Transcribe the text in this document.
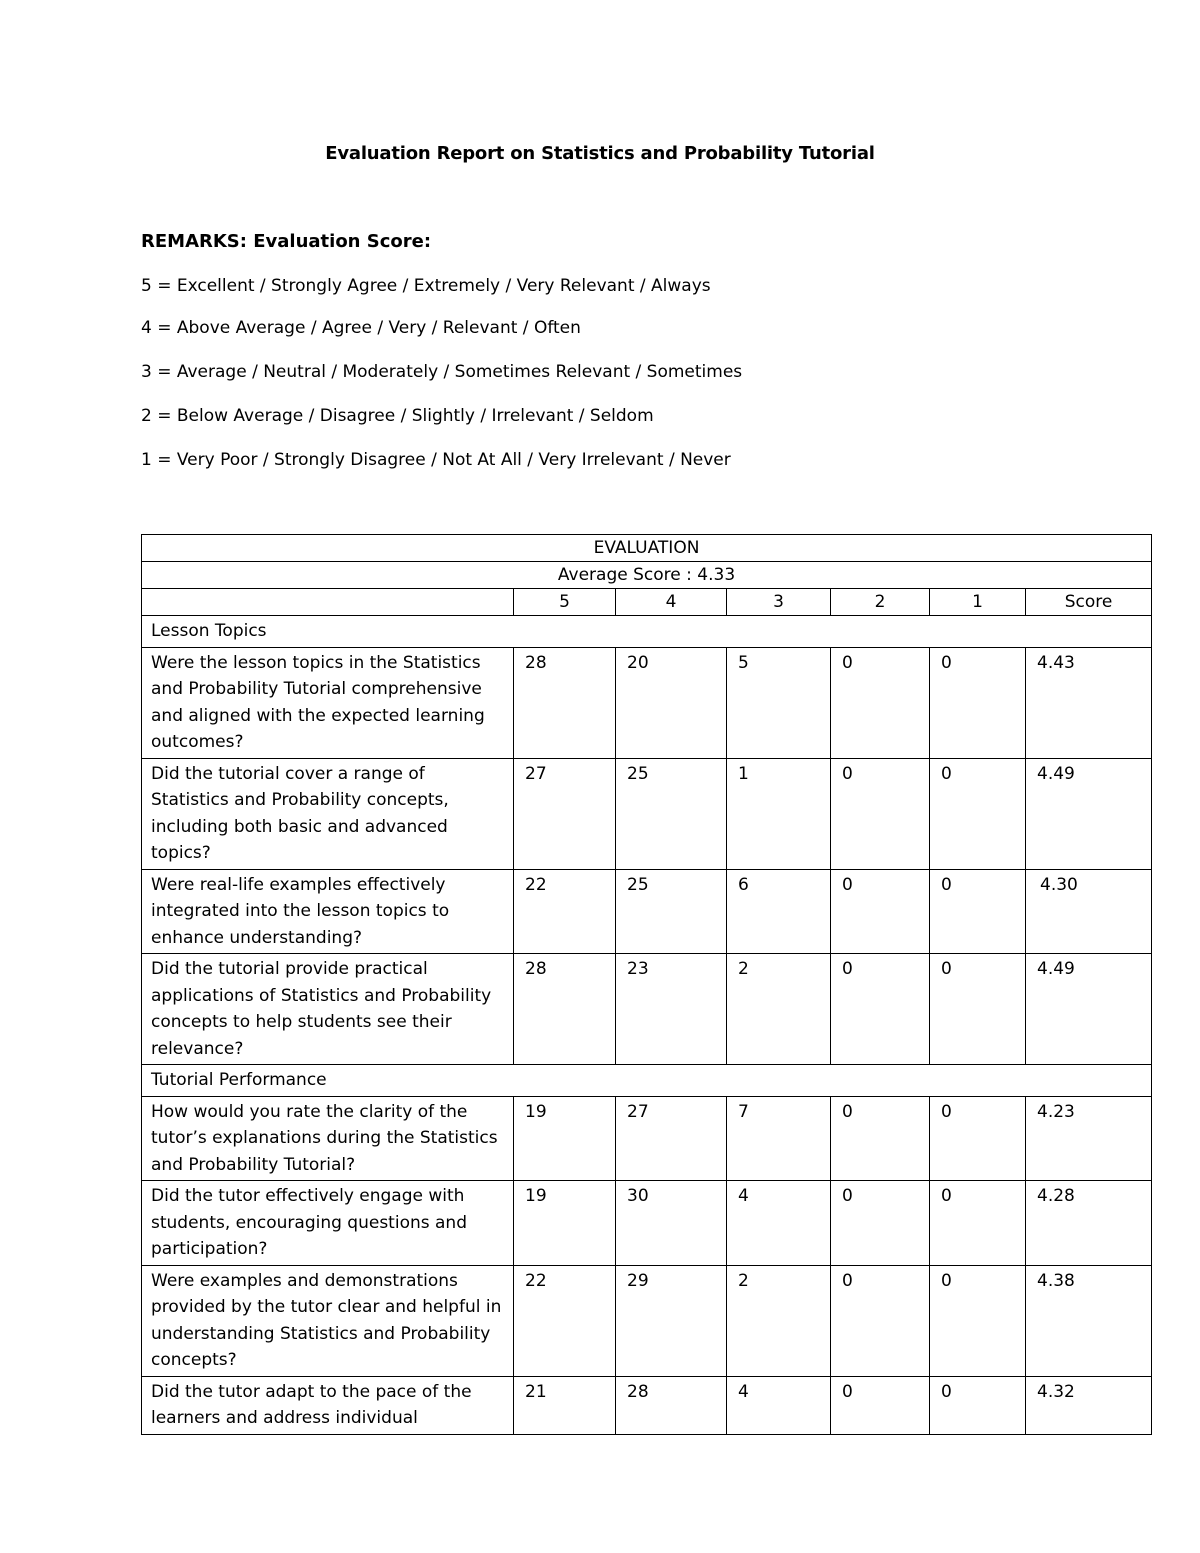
Evaluation Report on Statistics and Probability Tutorial
REMARKS: Evaluation Score:
5 = Excellent / Strongly Agree / Extremely / Very Relevant / Always
4 = Above Average / Agree / Very / Relevant / Often
3 = Average / Neutral / Moderately / Sometimes Relevant / Sometimes
2 = Below Average / Disagree / Slightly / Irrelevant / Seldom
1 = Very Poor / Strongly Disagree / Not At All / Very Irrelevant / Never
EVALUATION						
Average Score : 4.33						
	5	4	3	2	1	Score
Lesson Topics						
Were the lesson topics in the Statistics and Probability Tutorial comprehensive and aligned with the expected learning outcomes?	28	20	5	0	0	4.43
Did the tutorial cover a range of Statistics and Probability concepts, including both basic and advanced topics?	27	25	1	0	0	4.49
Were real-life examples effectively integrated into the lesson topics to enhance understanding?	22	25	6	0	0	4.30
Did the tutorial provide practical applications of Statistics and Probability concepts to help students see their relevance?	28	23	2	0	0	4.49
Tutorial Performance						
How would you rate the clarity of the tutor’s explanations during the Statistics and Probability Tutorial?	19	27	7	0	0	4.23
Did the tutor effectively engage with students, encouraging questions and participation?	19	30	4	0	0	4.28
Were examples and demonstrations provided by the tutor clear and helpful in understanding Statistics and Probability concepts?	22	29	2	0	0	4.38
Did the tutor adapt to the pace of the learners and address individual	21	28	4	0	0	4.32
